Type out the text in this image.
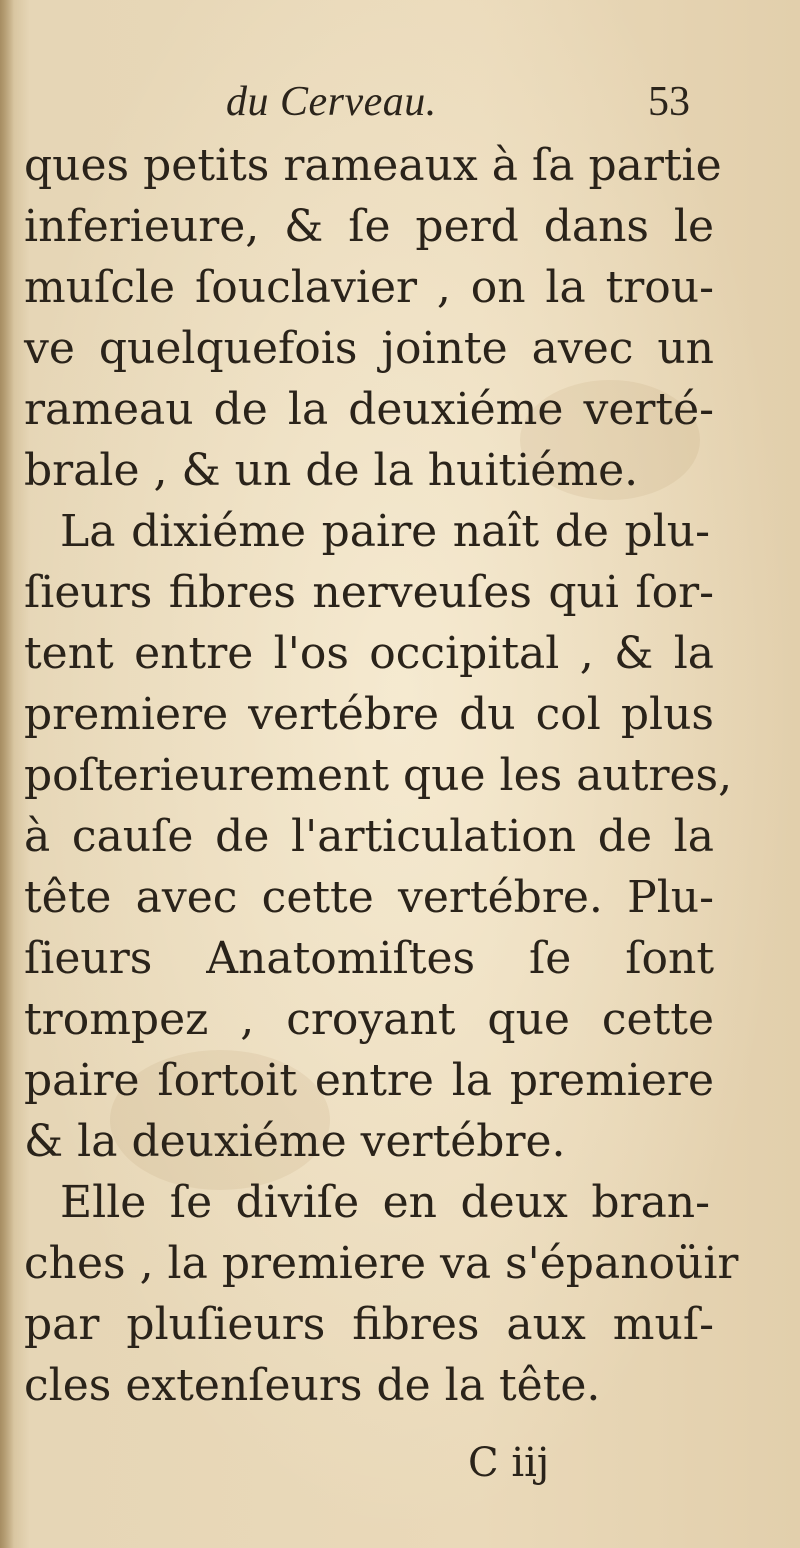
du Cerveau.	53
ques petits rameaux à ſa partie
inferieure, & ſe perd dans le
muſcle ſouclavier , on la trou-
ve quelquefois jointe avec un
rameau de la deuxiéme verté-
brale , & un de la huitiéme.
La dixiéme paire naît de plu-
ſieurs fibres nerveuſes qui ſor-
tent entre l'os occipital , & la
premiere vertébre du col plus
poſterieurement que les autres,
à cauſe de l'articulation de la
tête avec cette vertébre. Plu-
ſieurs Anatomiſtes ſe ſont
trompez , croyant que cette
paire ſortoit entre la premiere
& la deuxiéme vertébre.
Elle ſe diviſe en deux bran-
ches , la premiere va s'épanoüir
par pluſieurs fibres aux muſ-
cles extenſeurs de la tête.
C iij
